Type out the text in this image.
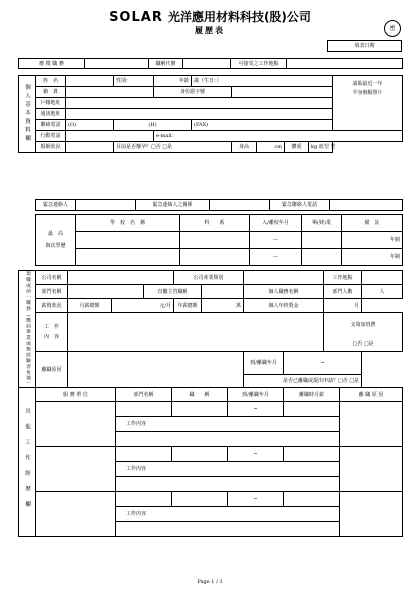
SOLAR 光洋應用材料科技(股)公司
履歷表	密
填表日期
應 徵 職 務		職稱代號		可接受之工作地點	
個人基本資料欄	姓　名		性別：	年齡	歲（生日：）					請貼最近一年
半身脫帽照片

	籍　貫			身份證字號						
	戶籍地址									
	通訊地址									
	聯絡電話	(O)	(H)		(FAX)					
	行動電話			e-mail：						
	婚姻狀況		目前是否懷孕？□否 □是			身高	cm	體重	kg 血型 型	
緊急連絡人		緊急連絡人之關係		緊急聯絡人電話	
最　高
與次學歷	學　校　名　稱	科　　系	入/離校年月	畢(肄)業	備　註
			—		年制
			—		年制
現職或前一職務（應屆畢業或無經驗者免填）	公司名稱				公司產業類別				工作地點	
	部門名稱			直屬主管職稱			個人職務名稱		部門人數	人
	薪資狀況	月薪總額	元/月		年薪總額	萬	個人年終獎金		月	

	工　作
內　容								支領加班費	
									□否 □是	
	離職原因						到/離職年月	~		
							是否已離職或提出申請？□否 □是			
其他工作經歷欄	服 務 單 位	部門名稱	職　　稱	到/離職年月	離職時月薪	離 職 原 因
				~		
		工作內容				

				~		
		工作內容				

				~		
		工作內容				

Page 1 / 3
